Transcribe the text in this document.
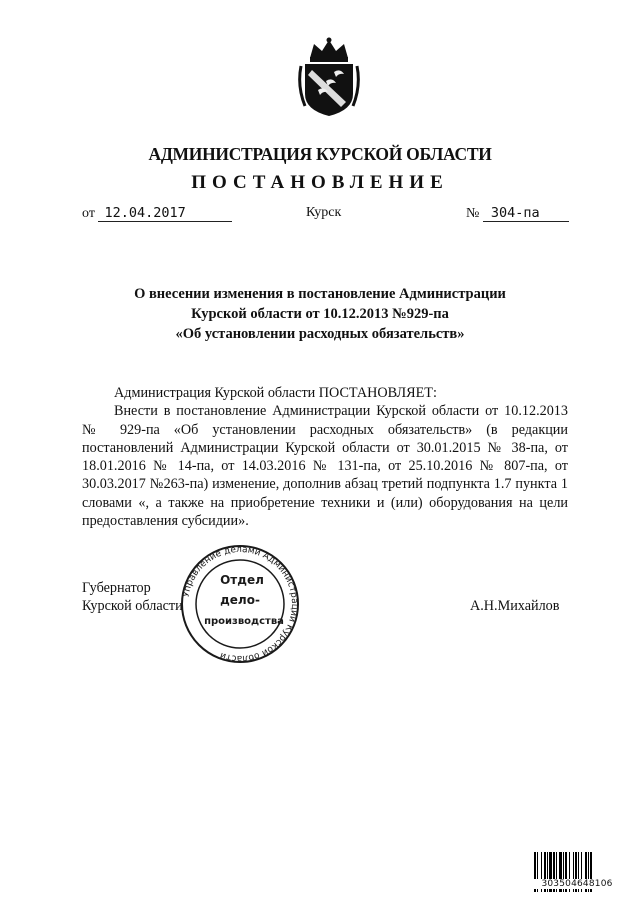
АДМИНИСТРАЦИЯ КУРСКОЙ ОБЛАСТИ
ПОСТАНОВЛЕНИЕ
от 12.04.2017	Курск	№ 304-па
О внесении изменения в постановление Администрации
Курской области от 10.12.2013 №929-па
«Об установлении расходных обязательств»

Администрация Курской области ПОСТАНОВЛЯЕТ:

Внести в постановление Администрации Курской области от 10.12.2013 № 929-па «Об установлении расходных обязательств» (в редакции постановлений Администрации Курской области от 30.01.2015 № 38-па, от 18.01.2016 № 14-па, от 14.03.2016 № 131-па, от 25.10.2016 № 807-па, от 30.03.2017 №263-па) изменение, дополнив абзац третий подпункта 1.7 пункта 1 словами «, а также на приобретение техники и (или) оборудования на цели предоставления субсидии».

Губернатор
Курской области	А.Н.Михайлов
Управление делами Администрации Курской области
Отдел
дело-
производства
303504648106
